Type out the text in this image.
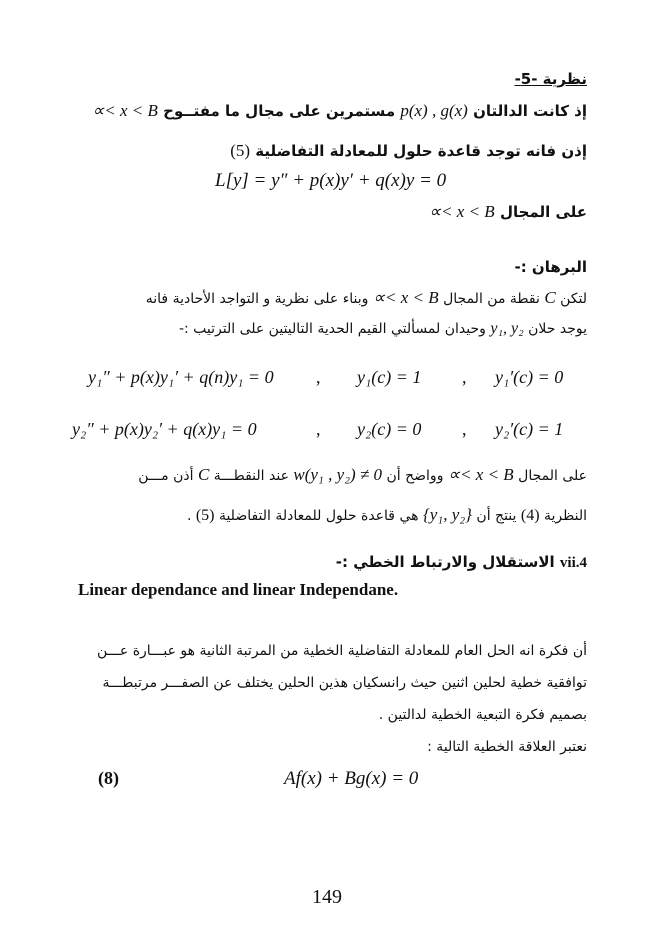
نظرية -5-
إذ كانت الدالتان p(x) , g(x) مستمرين على مجال ما مفتــوح ∝< x < B
إذن فانه توجد قاعدة حلول للمعادلة التفاضلية (5)
L[y] = y″ + p(x)y′ + q(x)y = 0
على المجال ∝< x < B
البرهان :-
لتكن C نقطة من المجال ∝< x < B وبناء على نظرية و التواجد الأحادية فانه
يوجد حلان y₁, y₂ وحيدان لمسألتي القيم الحدية التاليتين على الترتيب :-
y₁″ + p(x)y₁′ + q(n)y₁ = 0 , y₁(c) = 1 , y₁′(c) = 0
y₂″ + p(x)y₂′ + q(x)y₁ = 0	, y₂(c) = 0 , y₂′(c) = 1
على المجال ∝< x < B وواضح أن w(y₁ , y₂) ≠ 0 عند النقطـــة C أذن مـــن
النظرية (4) ينتج أن {y₁, y₂} هي قاعدة حلول للمعادلة التفاضلية (5) .
vii.4 الاستقلال والارتباط الخطي :-
Linear dependance and linear Independane.
أن فكرة انه الحل العام للمعادلة التفاضلية الخطية من المرتبة الثانية هو عبـــارة عـــن
توافقية خطية لحلين اثنين حيث رانسكيان هذين الحلين يختلف عن الصفـــر مرتبطـــة
بصميم فكرة التبعية الخطية لدالتين .
نعتبر العلاقة الخطية التالية :
(8)	Af(x) + Bg(x) = 0
149
